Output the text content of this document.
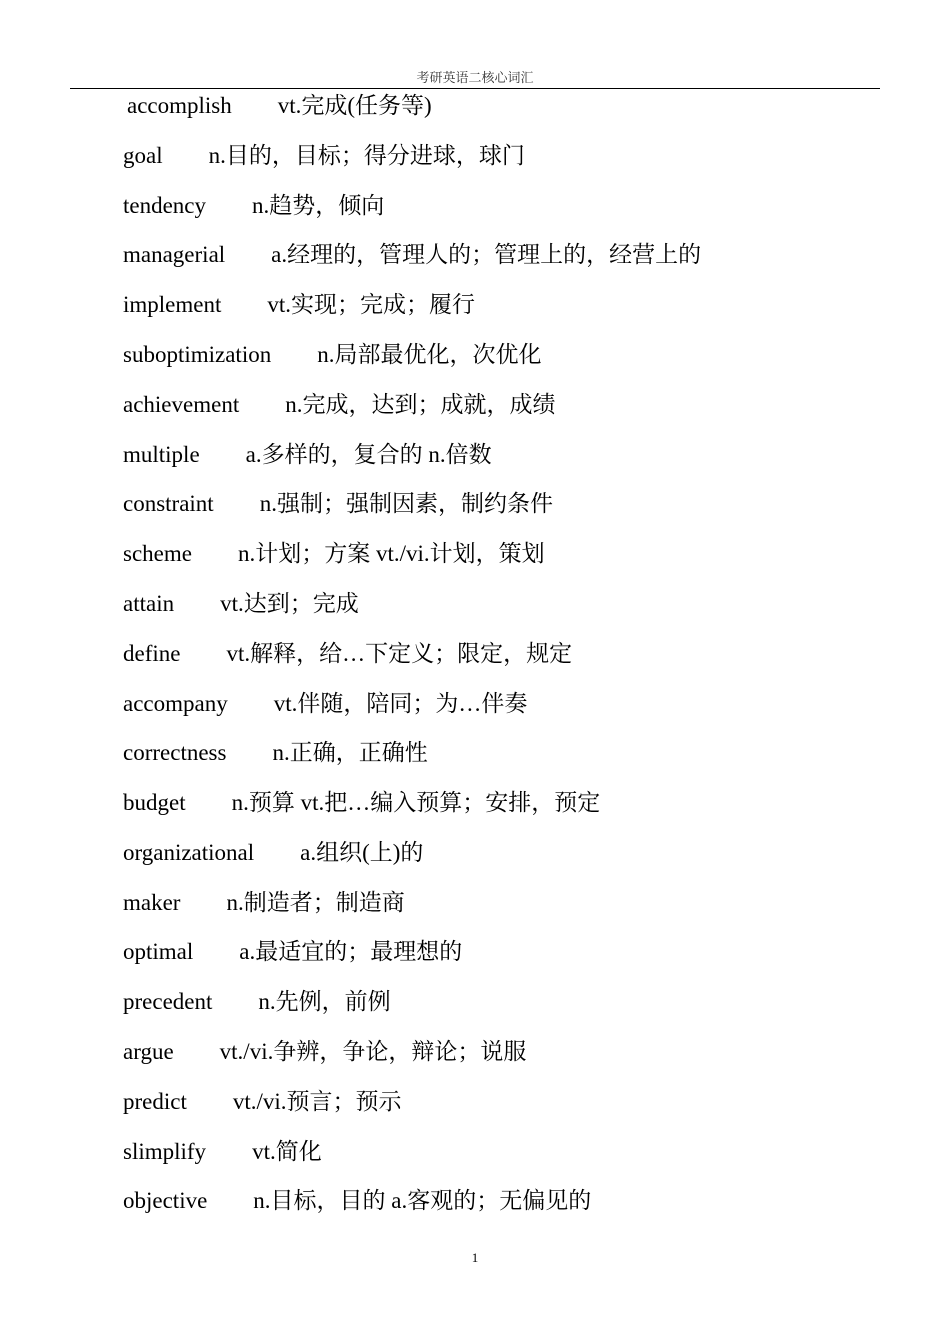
考研英语二核心词汇
accomplish vt.完成(任务等)
goal n.目的，目标；得分进球，球门
tendency n.趋势，倾向
managerial a.经理的，管理人的；管理上的，经营上的
implement vt.实现；完成；履行
suboptimization n.局部最优化，次优化
achievement n.完成，达到；成就，成绩
multiple a.多样的，复合的 n.倍数
constraint n.强制；强制因素，制约条件
scheme n.计划；方案 vt./vi.计划，策划
attain vt.达到；完成
define vt.解释，给…下定义；限定，规定
accompany vt.伴随，陪同；为…伴奏
correctness n.正确，正确性
budget n.预算 vt.把…编入预算；安排，预定
organizational a.组织(上)的
maker n.制造者；制造商
optimal a.最适宜的；最理想的
precedent n.先例，前例
argue vt./vi.争辨，争论，辩论；说服
predict vt./vi.预言；预示
slimplify vt.简化
objective n.目标，目的 a.客观的；无偏见的
1
